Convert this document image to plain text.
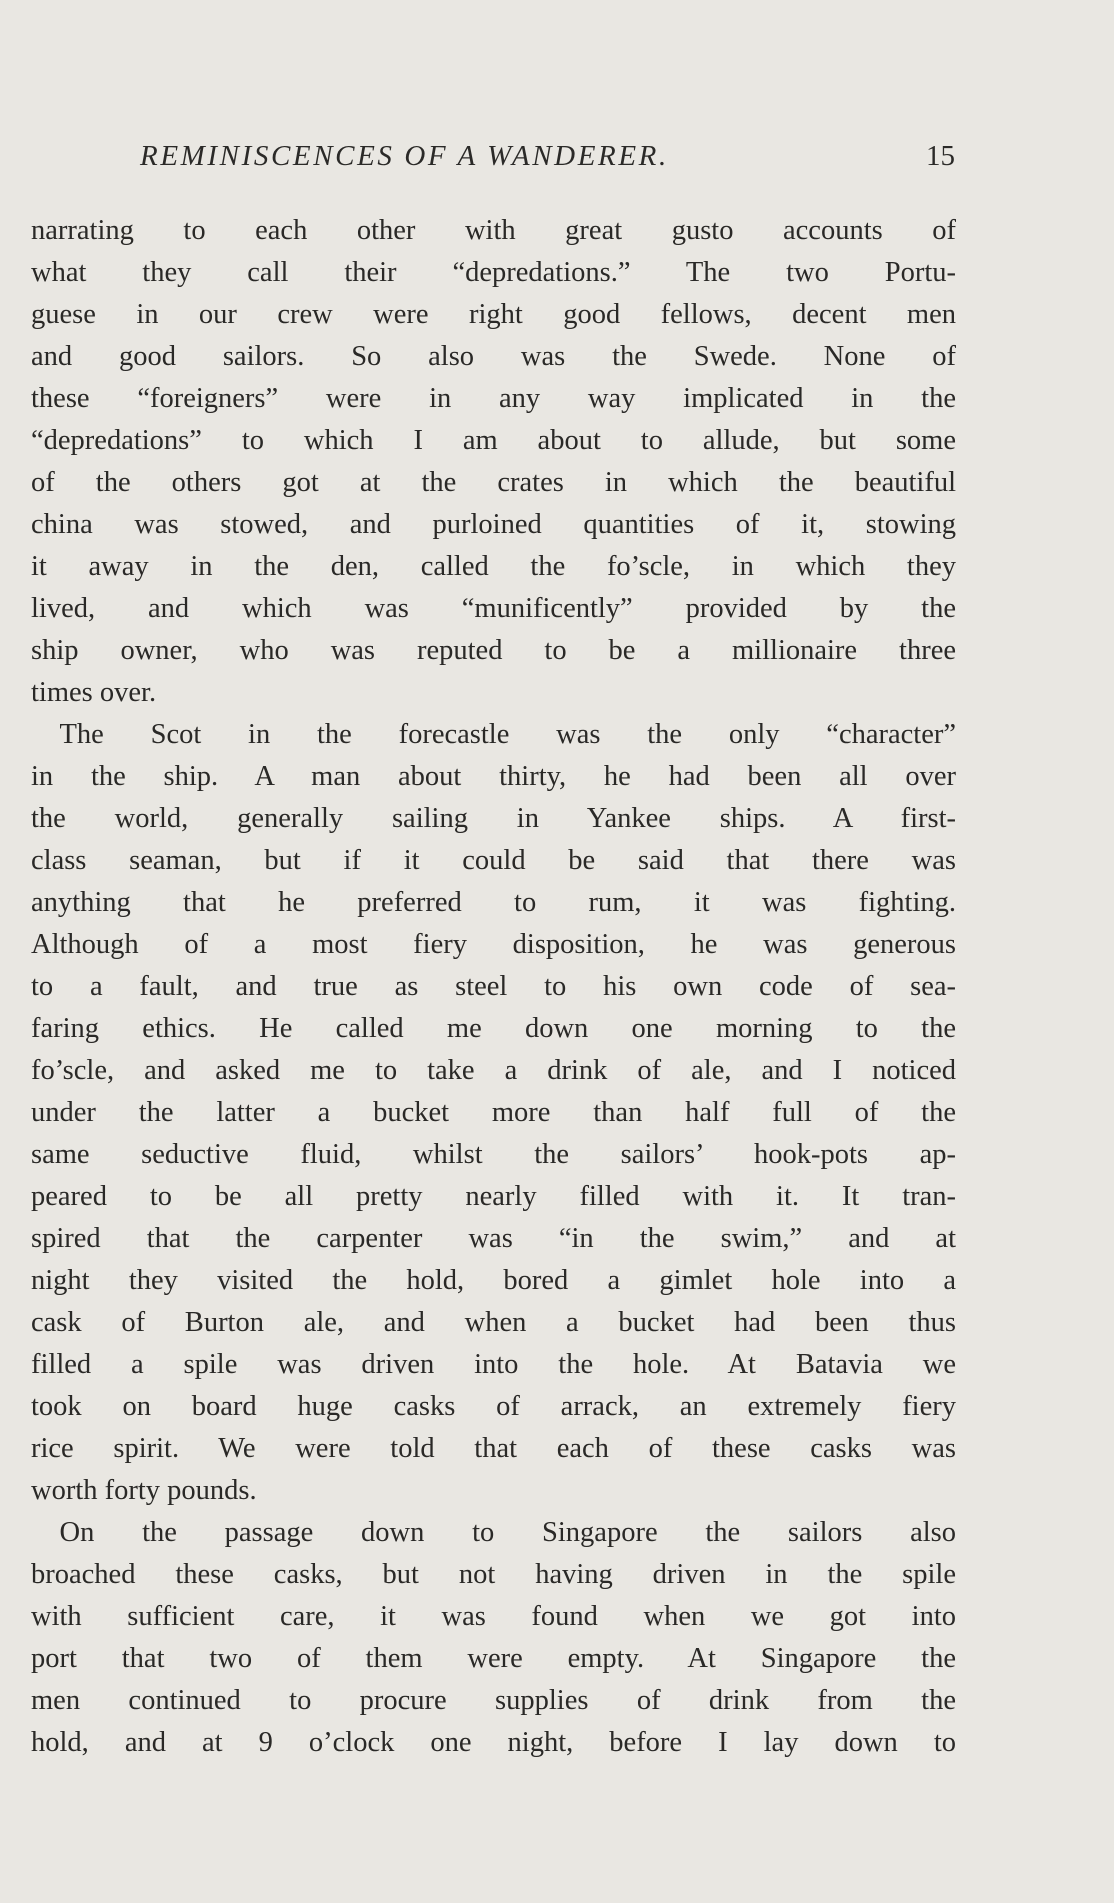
REMINISCENCES OF A WANDERER.	15
narrating to each other with great gusto accounts of
what they call their “depredations.” The two Portu-
guese in our crew were right good fellows, decent men
and good sailors. So also was the Swede. None of
these “foreigners” were in any way implicated in the
“depredations” to which I am about to allude, but some
of the others got at the crates in which the beautiful
china was stowed, and purloined quantities of it, stowing
it away in the den, called the fo’scle, in which they
lived, and which was “munificently” provided by the
ship owner, who was reputed to be a millionaire three
times over.
 The Scot in the forecastle was the only “character”
in the ship. A man about thirty, he had been all over
the world, generally sailing in Yankee ships. A first-
class seaman, but if it could be said that there was
anything that he preferred to rum, it was fighting.
Although of a most fiery disposition, he was generous
to a fault, and true as steel to his own code of sea-
faring ethics. He called me down one morning to the
fo’scle, and asked me to take a drink of ale, and I noticed
under the latter a bucket more than half full of the
same seductive fluid, whilst the sailors’ hook-pots ap-
peared to be all pretty nearly filled with it. It tran-
spired that the carpenter was “in the swim,” and at
night they visited the hold, bored a gimlet hole into a
cask of Burton ale, and when a bucket had been thus
filled a spile was driven into the hole. At Batavia we
took on board huge casks of arrack, an extremely fiery
rice spirit. We were told that each of these casks was
worth forty pounds.
 On the passage down to Singapore the sailors also
broached these casks, but not having driven in the spile
with sufficient care, it was found when we got into
port that two of them were empty. At Singapore the
men continued to procure supplies of drink from the
hold, and at 9 o’clock one night, before I lay down to
